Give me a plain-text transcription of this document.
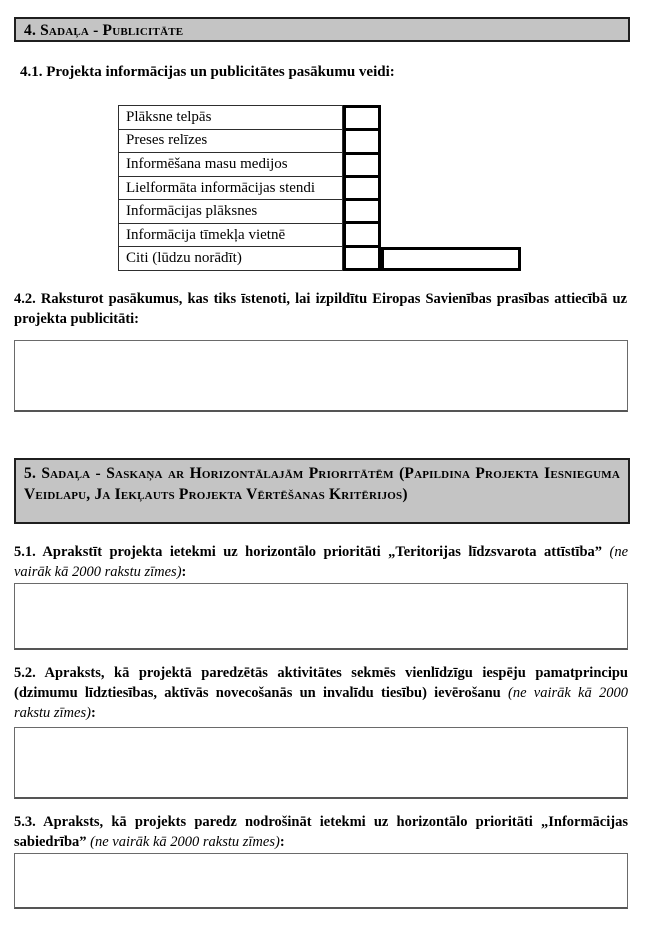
4. Sadaļa - Publicitāte
4.1. Projekta informācijas un publicitātes pasākumu veidi:
Plāksne telpās
Preses relīzes
Informēšana masu medijos
Lielformāta informācijas stendi
Informācijas plāksnes
Informācija tīmekļa vietnē
Citi (lūdzu norādīt)
4.2. Raksturot pasākumus, kas tiks īstenoti, lai izpildītu Eiropas Savienības prasības attiecībā uz projekta publicitāti:
5. Sadaļa - Saskaņa ar Horizontālajām Prioritātēm (Papildina Projekta Iesnieguma Veidlapu, Ja Iekļauts Projekta Vērtēšanas Kritērijos)
5.1. Aprakstīt projekta ietekmi uz horizontālo prioritāti „Teritorijas līdzsvarota attīstība” (ne vairāk kā 2000 rakstu zīmes):
5.2. Apraksts, kā projektā paredzētās aktivitātes sekmēs vienlīdzīgu iespēju pamatprincipu (dzimumu līdztiesības, aktīvās novecošanās un invalīdu tiesību) ievērošanu (ne vairāk kā 2000 rakstu zīmes):
5.3. Apraksts, kā projekts paredz nodrošināt ietekmi uz horizontālo prioritāti „Informācijas sabiedrība” (ne vairāk kā 2000 rakstu zīmes):
